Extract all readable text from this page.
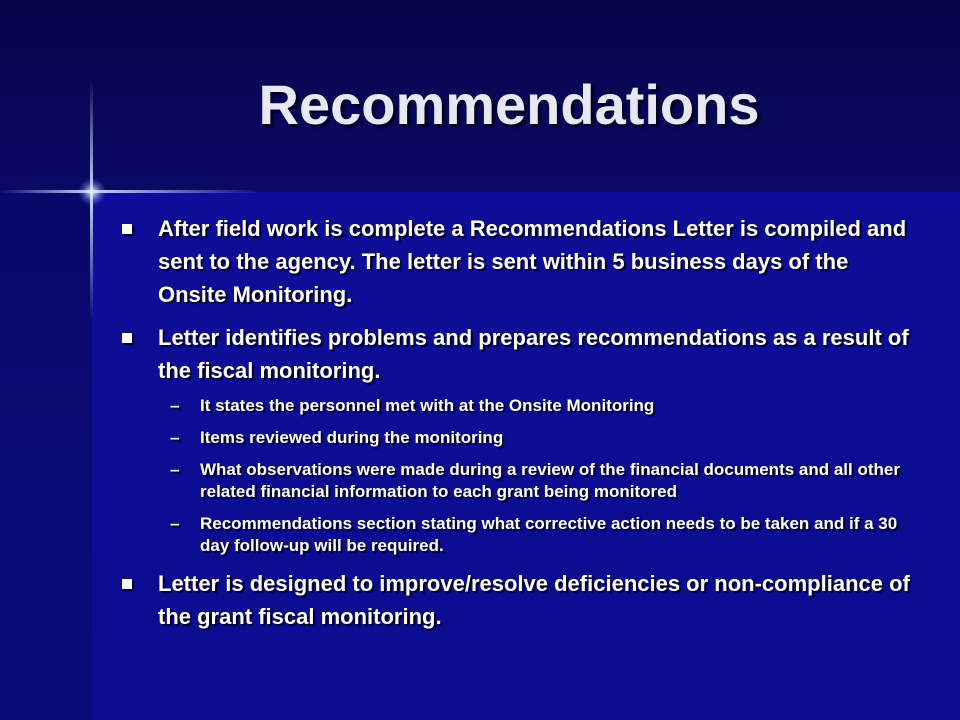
Recommendations
After field work is complete a Recommendations Letter is compiled and sent to the agency. The letter is sent within 5 business days of the Onsite Monitoring.
Letter identifies problems and prepares recommendations as a result of the fiscal monitoring.
– It states the personnel met with at the Onsite Monitoring
– Items reviewed during the monitoring
– What observations were made during a review of the financial documents and all other related financial information to each grant being monitored
– Recommendations section stating what corrective action needs to be taken and if a 30 day follow-up will be required.
Letter is designed to improve/resolve deficiencies or non-compliance of the grant fiscal monitoring.
